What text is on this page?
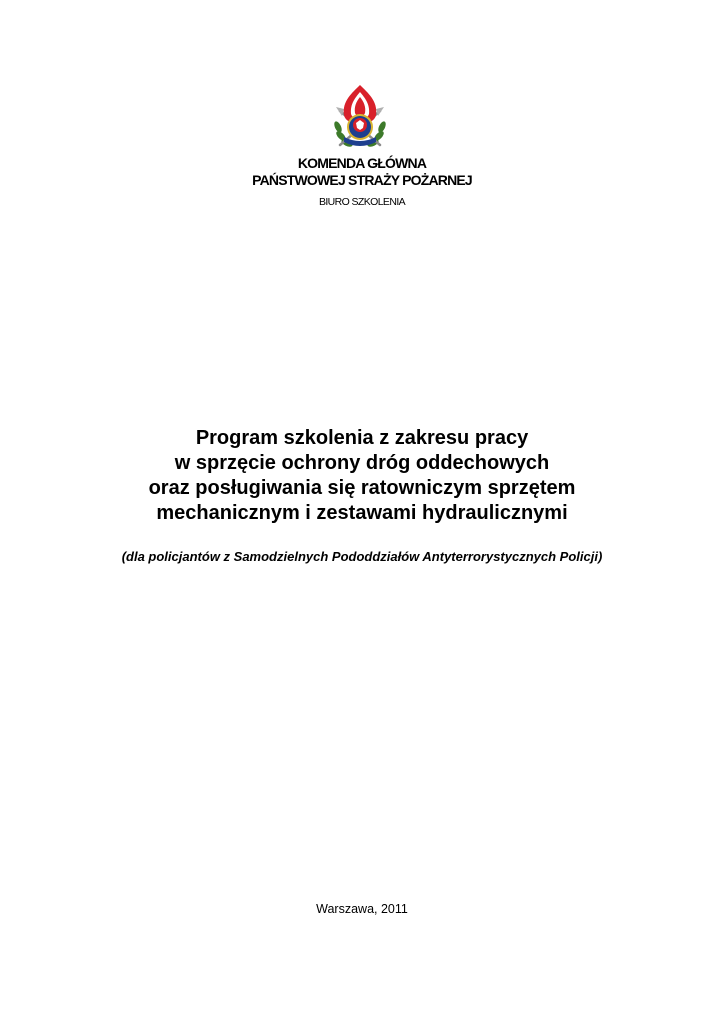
KOMENDA GŁÓWNA
PAŃSTWOWEJ STRAŻY POŻARNEJ
BIURO SZKOLENIA
Program szkolenia z zakresu pracy
w sprzęcie ochrony dróg oddechowych
oraz posługiwania się ratowniczym sprzętem
mechanicznym i zestawami hydraulicznymi
(dla policjantów z Samodzielnych Pododdziałów Antyterrorystycznych Policji)
Warszawa, 2011
